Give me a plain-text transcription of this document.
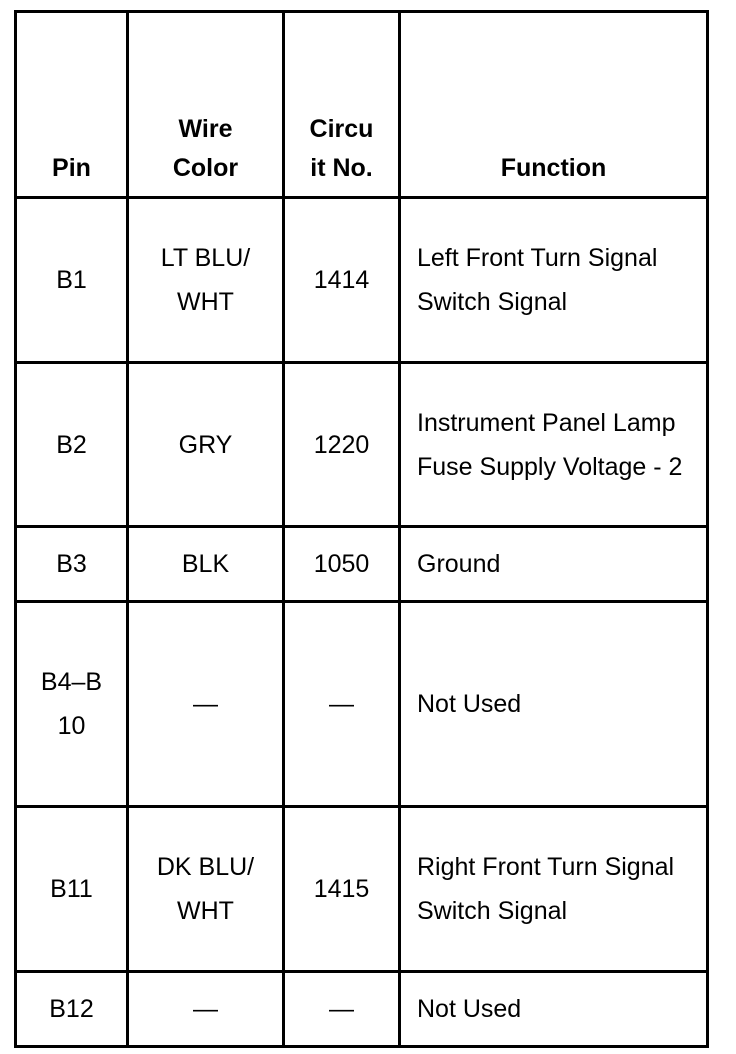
Pin	Wire Color	Circuit No.	Function
B1	LT BLU/WHT	1414	Left Front Turn Signal Switch Signal
B2	GRY	1220	Instrument Panel Lamp Fuse Supply Voltage - 2
B3	BLK	1050	Ground
B4–B10	—	—	Not Used
B11	DK BLU/WHT	1415	Right Front Turn Signal Switch Signal
B12	—	—	Not Used
